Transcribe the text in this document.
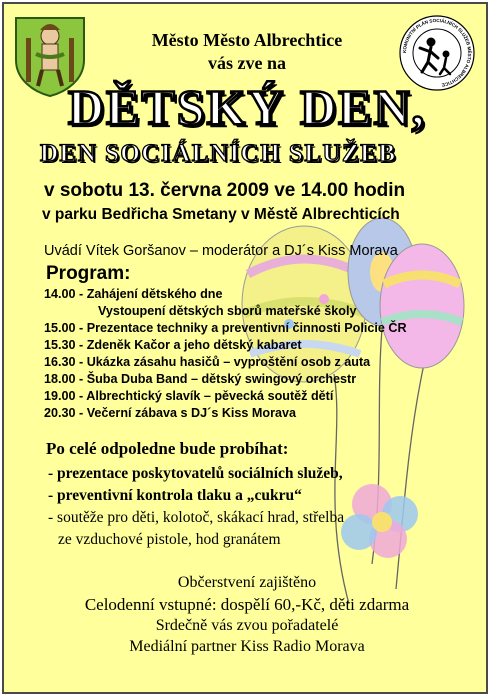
KOMUNITNÍ PLÁN SOCIÁLNÍCH SLUŽEB MĚSTO ALBRECHTICE
Město Město Albrechtice
vás zve na
DĚTSKÝ DEN,
DEN SOCIÁLNÍCH SLUŽEB
v sobotu 13. června 2009 ve 14.00 hodin
v parku Bedřicha Smetany v Městě Albrechticích
Uvádí Vítek Goršanov – moderátor a DJ´s Kiss Morava
Program:
14.00 - Zahájení dětského dne
Vystoupení dětských sborů mateřské školy
15.00 - Prezentace techniky a preventivní činnosti Policie ČR
15.30 - Zdeněk Kačor a jeho dětský kabaret
16.30 - Ukázka zásahu hasičů – vyproštění osob z auta
18.00 - Šuba Duba Band – dětský swingový orchestr
19.00 - Albrechtický slavík – pěvecká soutěž dětí
20.30 - Večerní zábava s DJ´s Kiss Morava
Po celé odpoledne bude probíhat:
- prezentace poskytovatelů sociálních služeb,
- preventivní kontrola tlaku a „cukru“
- soutěže pro děti, kolotoč, skákací hrad, střelba
ze vzduchové pistole, hod granátem
Občerstvení zajištěno
Celodenní vstupné: dospělí 60,-Kč, děti zdarma
Srdečně vás zvou pořadatelé
Mediální partner Kiss Radio Morava
